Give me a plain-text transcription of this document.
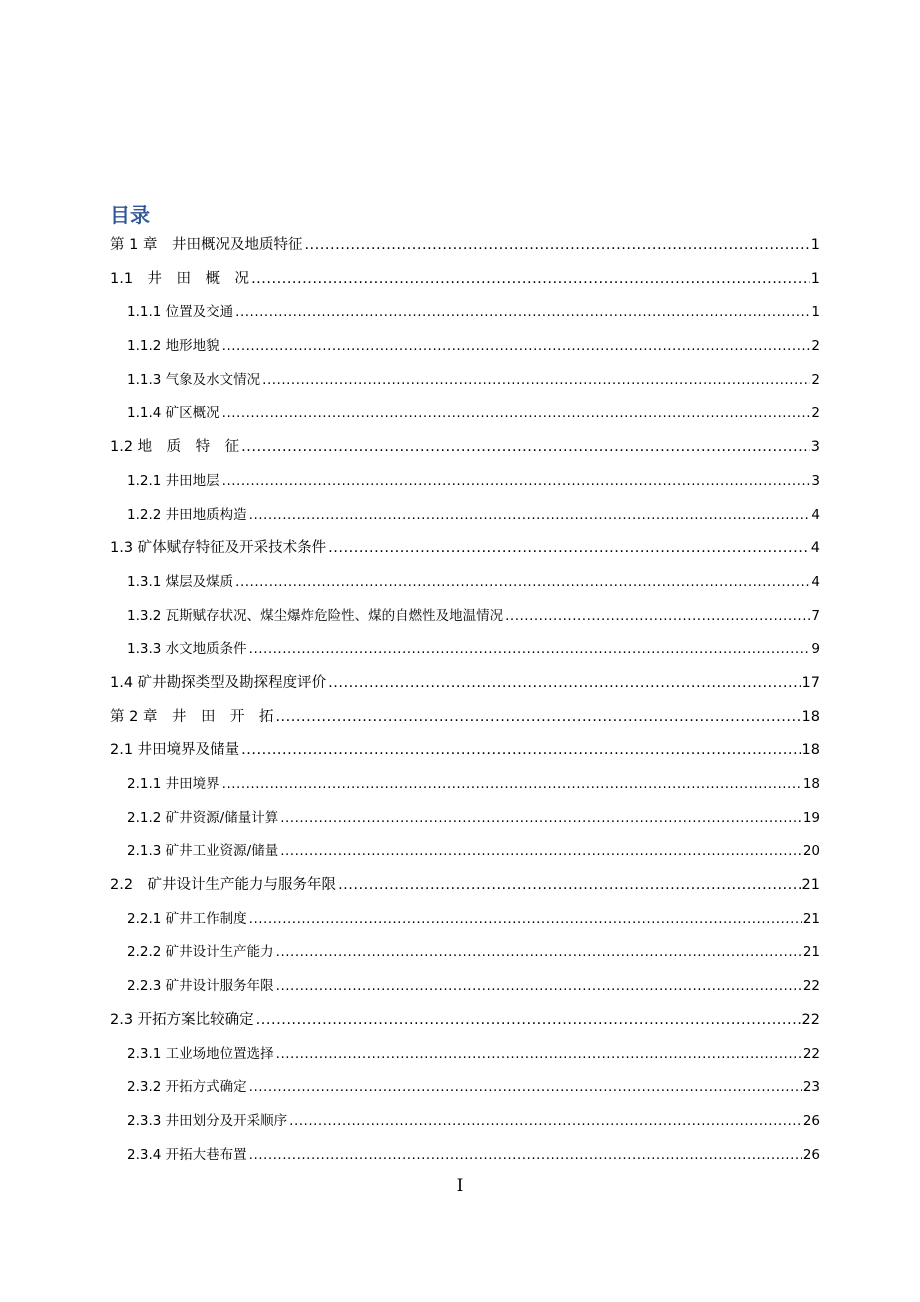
目录
第 1 章　井田概况及地质特征 .....	1
1.1　井　田　概　况 .....	1
1.1.1 位置及交通 .....	1
1.1.2 地形地貌 .....	2
1.1.3 气象及水文情况 .....	2
1.1.4 矿区概况 .....	2
1.2 地　质　特　征 .....	3
1.2.1 井田地层 .....	3
1.2.2 井田地质构造 .....	4
1.3 矿体赋存特征及开采技术条件 .....	4
1.3.1 煤层及煤质 .....	4
1.3.2 瓦斯赋存状况、煤尘爆炸危险性、煤的自燃性及地温情况 .....	7
1.3.3 水文地质条件 .....	9
1.4 矿井勘探类型及勘探程度评价 .....	17
第 2 章　井　田　开　拓 .....	18
2.1 井田境界及储量 .....	18
2.1.1 井田境界 .....	18
2.1.2 矿井资源/储量计算 .....	19
2.1.3 矿井工业资源/储量 .....	20
2.2　矿井设计生产能力与服务年限 .....	21
2.2.1 矿井工作制度 .....	21
2.2.2 矿井设计生产能力 .....	21
2.2.3 矿井设计服务年限 .....	22
2.3 开拓方案比较确定 .....	22
2.3.1 工业场地位置选择 .....	22
2.3.2 开拓方式确定 .....	23
2.3.3 井田划分及开采顺序 .....	26
2.3.4 开拓大巷布置 .....	26
I
